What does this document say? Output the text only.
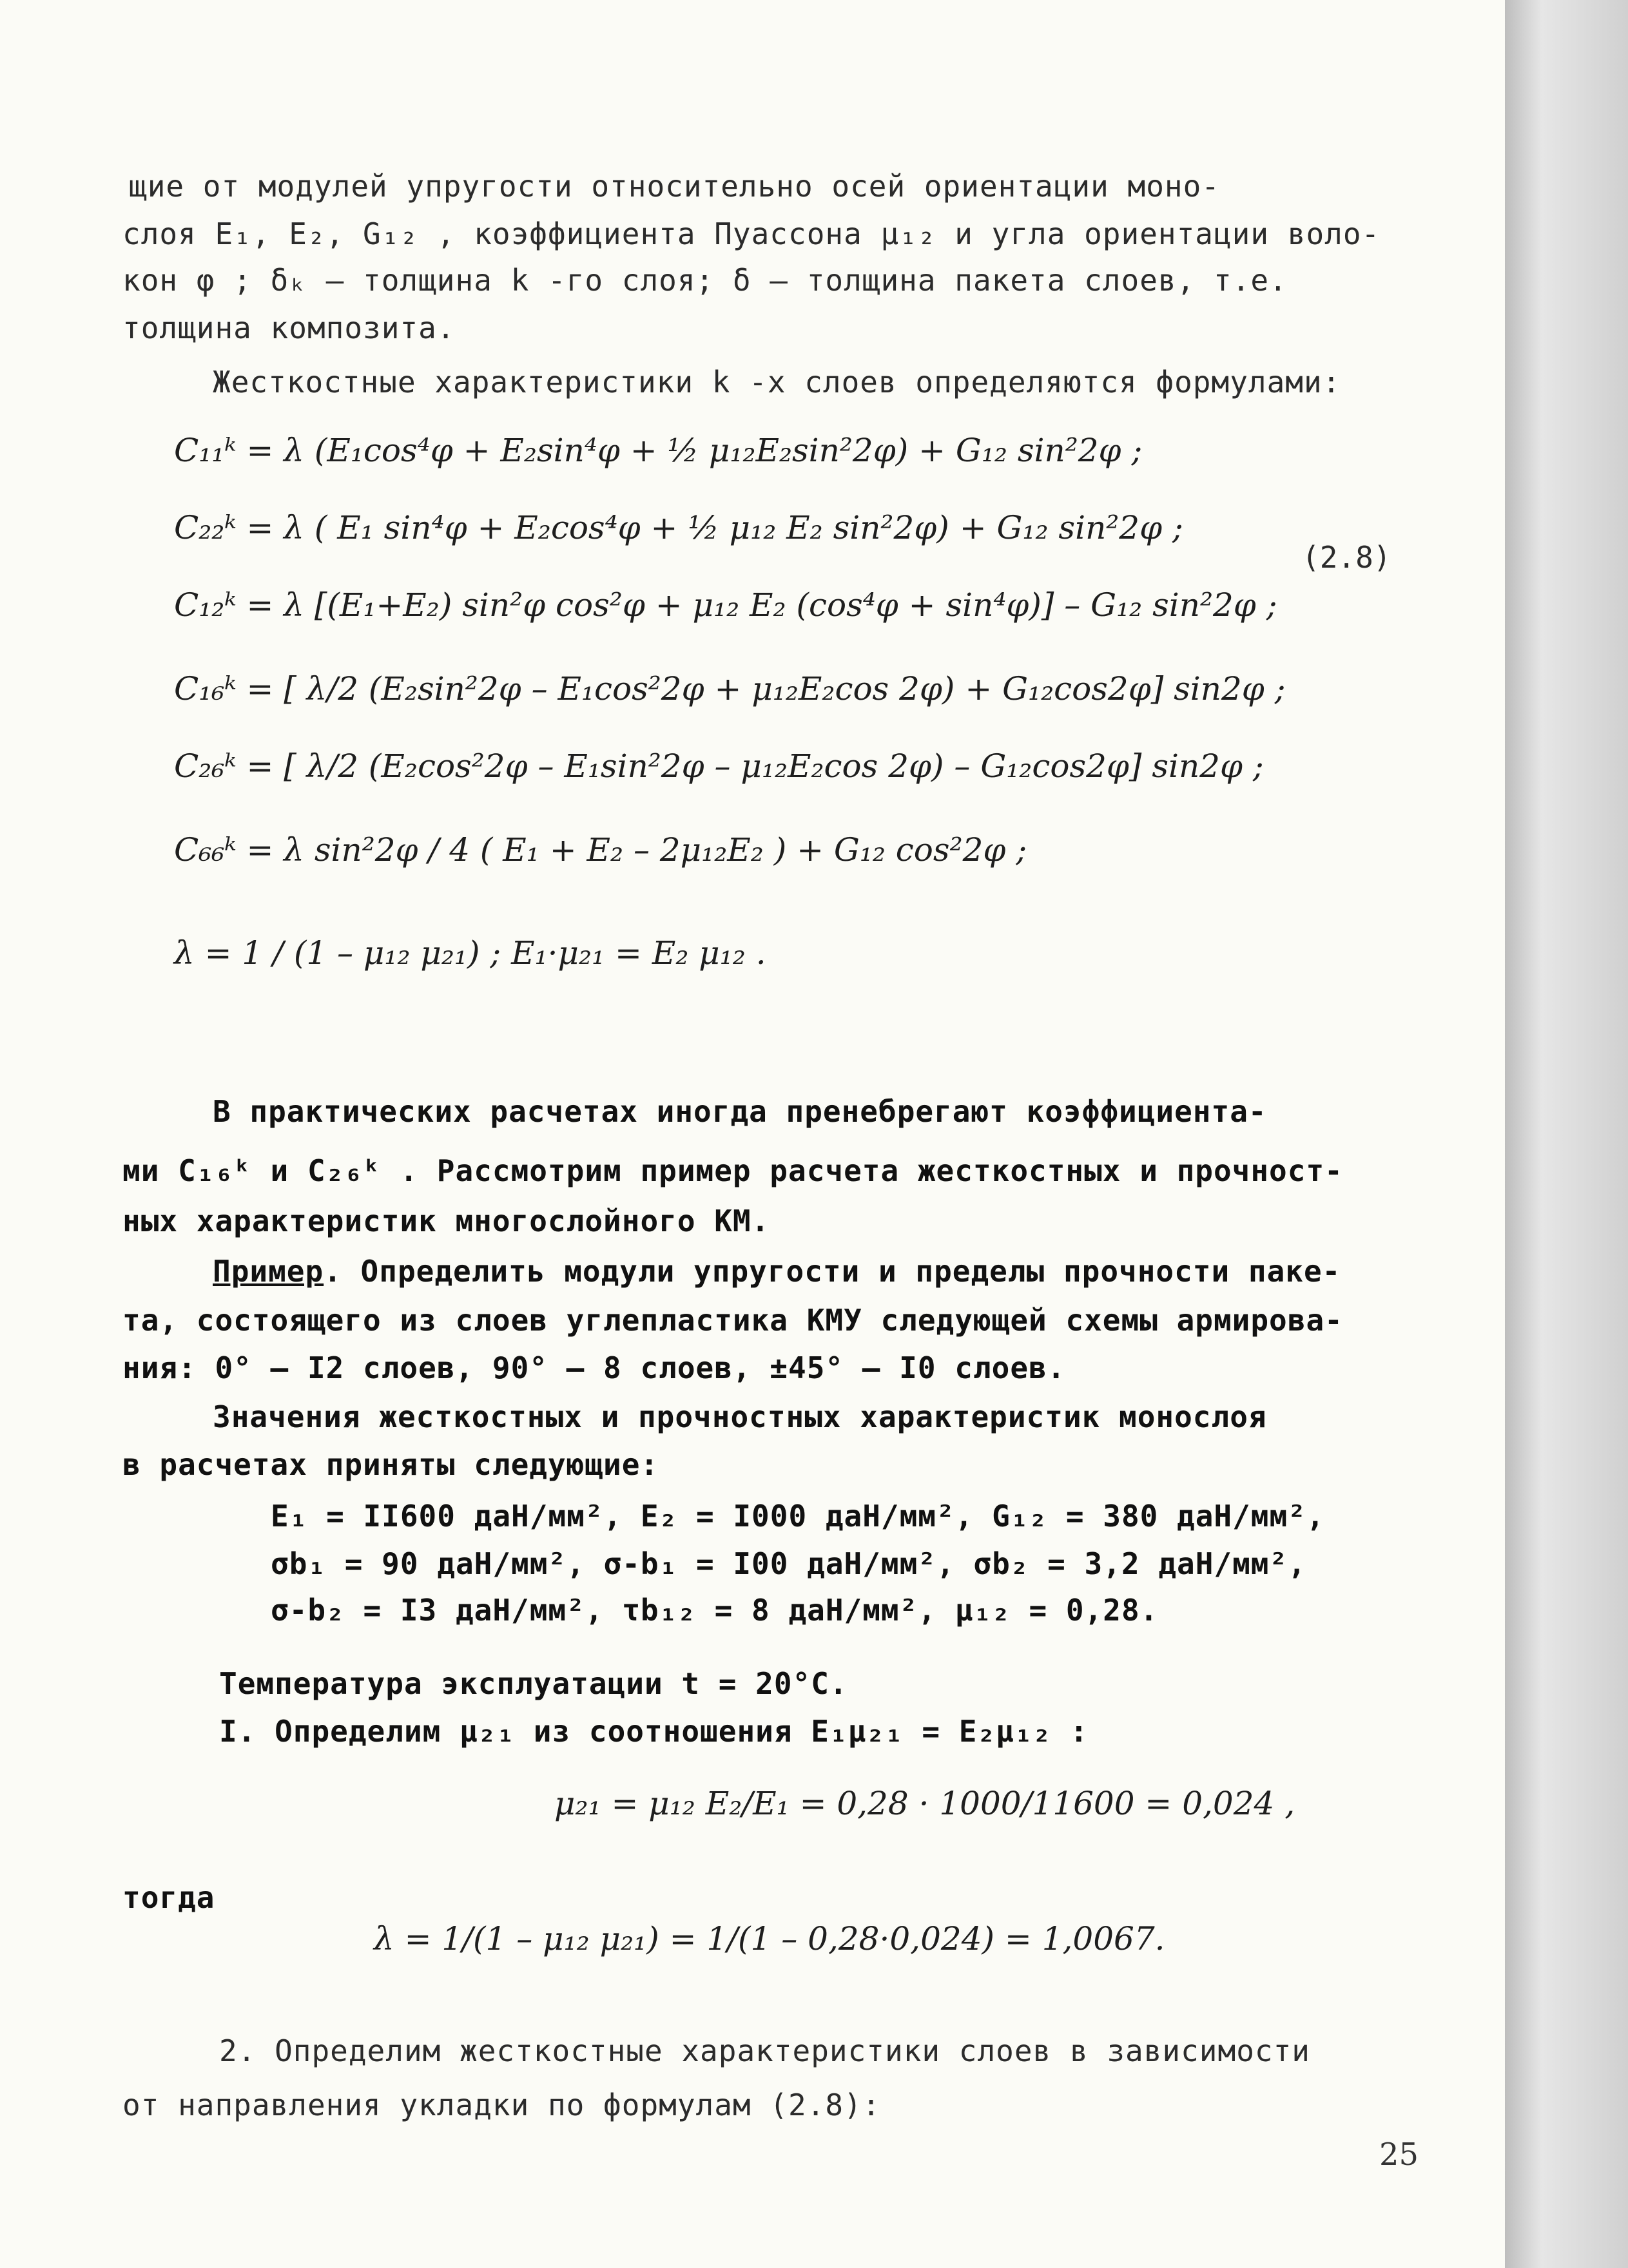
щие от модулей упругости относительно осей ориентации моно-
слоя E₁, E₂, G₁₂ , коэффициента Пуассона μ₁₂ и угла ориентации воло-
кон φ ; δₖ – толщина k -го слоя; δ – толщина пакета слоев, т.е.
толщина композита.
Жесткостные характеристики k -х слоев определяются формулами:
C₁₁ᵏ = λ (E₁cos⁴φ + E₂sin⁴φ + ½ μ₁₂E₂sin²2φ) + G₁₂ sin²2φ ;
C₂₂ᵏ = λ ( E₁ sin⁴φ + E₂cos⁴φ + ½ μ₁₂ E₂ sin²2φ) + G₁₂ sin²2φ ;
(2.8)
C₁₂ᵏ = λ [(E₁+E₂) sin²φ cos²φ + μ₁₂ E₂ (cos⁴φ + sin⁴φ)] – G₁₂ sin²2φ ;
C₁₆ᵏ = [ λ/2 (E₂sin²2φ – E₁cos²2φ + μ₁₂E₂cos 2φ) + G₁₂cos2φ] sin2φ ;
C₂₆ᵏ = [ λ/2 (E₂cos²2φ – E₁sin²2φ – μ₁₂E₂cos 2φ) – G₁₂cos2φ] sin2φ ;
C₆₆ᵏ = λ sin²2φ / 4 ( E₁ + E₂ – 2μ₁₂E₂ ) + G₁₂ cos²2φ ;
λ = 1 / (1 – μ₁₂ μ₂₁) ; E₁·μ₂₁ = E₂ μ₁₂ .
В практических расчетах иногда пренебрегают коэффициента-
ми C₁₆ᵏ и C₂₆ᵏ . Рассмотрим пример расчета жесткостных и прочност-
ных характеристик многослойного КМ.
Пример. Определить модули упругости и пределы прочности паке-
та, состоящего из слоев углепластика КМУ следующей схемы армирова-
ния: 0° – I2 слоев, 90° – 8 слоев, ±45° – I0 слоев.
Значения жесткостных и прочностных характеристик монослоя
в расчетах приняты следующие:
E₁ = II600 даН/мм², E₂ = I000 даН/мм², G₁₂ = 380 даН/мм²,
σb₁ = 90 даН/мм², σ-b₁ = I00 даН/мм², σb₂ = 3,2 даН/мм²,
σ-b₂ = I3 даН/мм², τb₁₂ = 8 даН/мм², μ₁₂ = 0,28.
Температура эксплуатации t = 20°C.
I. Определим μ₂₁ из соотношения E₁μ₂₁ = E₂μ₁₂ :
μ₂₁ = μ₁₂ E₂/E₁ = 0,28 · 1000/11600 = 0,024 ,
тогда
λ = 1/(1 – μ₁₂ μ₂₁) = 1/(1 – 0,28·0,024) = 1,0067.
2. Определим жесткостные характеристики слоев в зависимости
от направления укладки по формулам (2.8):
25
